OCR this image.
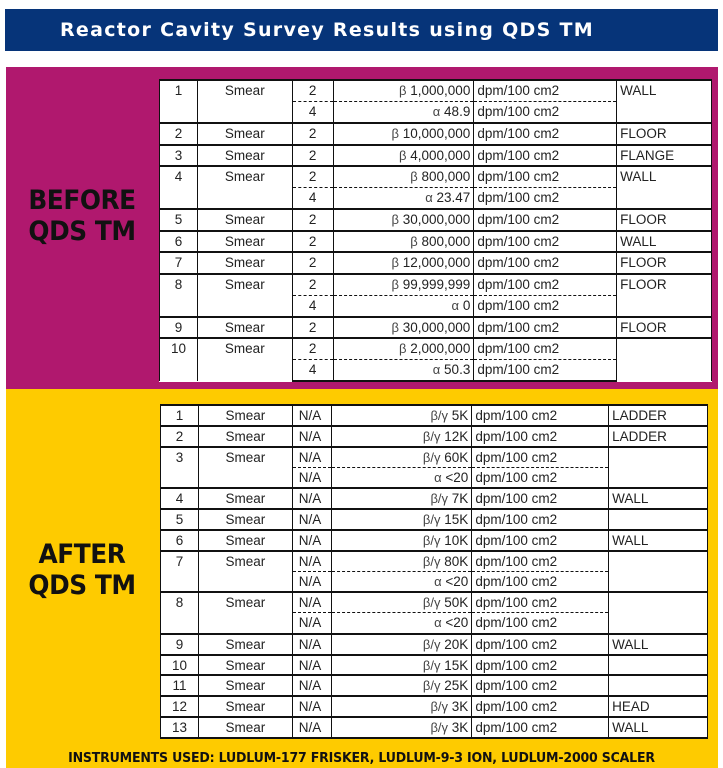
Reactor Cavity Survey Results using QDS TM
BEFORE
QDS TM
1	Smear	2	β 1,000,000	dpm/100 cm2	WALL
		4	α 48.9	dpm/100 cm2	
2	Smear	2	β 10,000,000	dpm/100 cm2	FLOOR
3	Smear	2	β 4,000,000	dpm/100 cm2	FLANGE
4	Smear	2	β 800,000	dpm/100 cm2	WALL
		4	α 23.47	dpm/100 cm2	
5	Smear	2	β 30,000,000	dpm/100 cm2	FLOOR
6	Smear	2	β 800,000	dpm/100 cm2	WALL
7	Smear	2	β 12,000,000	dpm/100 cm2	FLOOR
8	Smear	2	β 99,999,999	dpm/100 cm2	FLOOR
		4	α 0	dpm/100 cm2	
9	Smear	2	β 30,000,000	dpm/100 cm2	FLOOR
10	Smear	2	β 2,000,000	dpm/100 cm2	
		4	α 50.3	dpm/100 cm2	
AFTER
QDS TM
1	Smear	N/A	β/γ 5K	dpm/100 cm2	LADDER
2	Smear	N/A	β/γ 12K	dpm/100 cm2	LADDER
3	Smear	N/A	β/γ 60K	dpm/100 cm2	
		N/A	α <20	dpm/100 cm2	
4	Smear	N/A	β/γ 7K	dpm/100 cm2	WALL
5	Smear	N/A	β/γ 15K	dpm/100 cm2	
6	Smear	N/A	β/γ 10K	dpm/100 cm2	WALL
7	Smear	N/A	β/γ 80K	dpm/100 cm2	
		N/A	α <20	dpm/100 cm2	
8	Smear	N/A	β/γ 50K	dpm/100 cm2	
		N/A	α <20	dpm/100 cm2	
9	Smear	N/A	β/γ 20K	dpm/100 cm2	WALL
10	Smear	N/A	β/γ 15K	dpm/100 cm2	
11	Smear	N/A	β/γ 25K	dpm/100 cm2	
12	Smear	N/A	β/γ 3K	dpm/100 cm2	HEAD
13	Smear	N/A	β/γ 3K	dpm/100 cm2	WALL
INSTRUMENTS USED: LUDLUM-177 FRISKER, LUDLUM-9-3 ION, LUDLUM-2000 SCALER
